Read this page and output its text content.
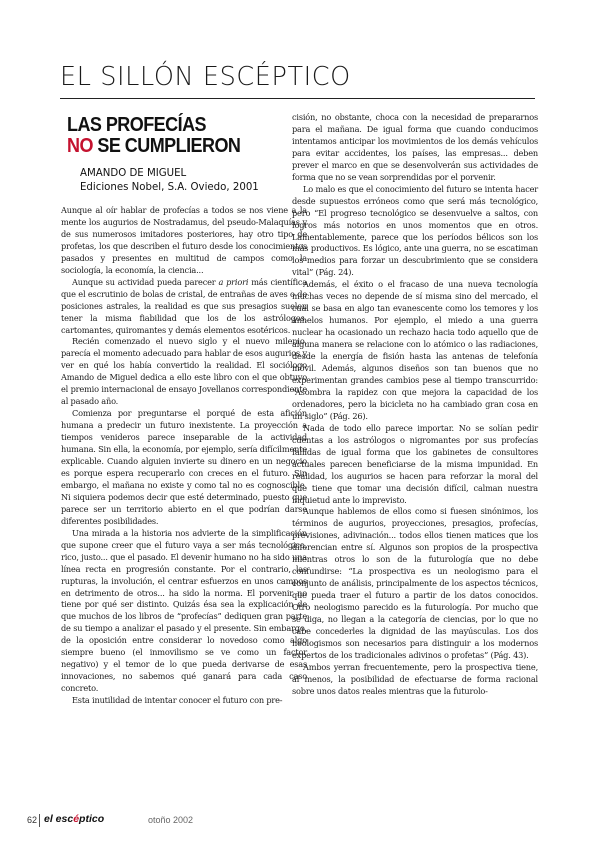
EL SILLÓN ESCÉPTICO
LAS PROFECÍAS
NO SE CUMPLIERON
AMANDO DE MIGUEL
Ediciones Nobel, S.A. Oviedo, 2001

Aunque al oír hablar de profecías a todos se nos viene a la mente los augurios de Nostradamus, del pseudo-Malaquías y de sus numerosos imitadores posteriores, hay otro tipo de profetas, los que describen el futuro desde los conocimientos pasados y presentes en multitud de campos como la sociología, la economía, la ciencia...

Aunque su actividad pueda parecer a priori más científica que el escrutinio de bolas de cristal, de entrañas de aves o de posiciones astrales, la realidad es que sus presagios suelen tener la misma fiabilidad que los de los astrólogos, cartomantes, quiromantes y demás elementos esotéricos.

Recién comenzado el nuevo siglo y el nuevo milenio, parecía el momento adecuado para hablar de esos augurios y ver en qué los había convertido la realidad. El sociólogo Amando de Miguel dedica a ello este libro con el que obtuvo el premio internacional de ensayo Jovellanos correspondiente al pasado año.

Comienza por preguntarse el porqué de esta afición humana a predecir un futuro inexistente. La proyección a tiempos venideros parece inseparable de la actividad humana. Sin ella, la economía, por ejemplo, sería difícilmente explicable. Cuando alguien invierte su dinero en un negocio es porque espera recuperarlo con creces en el futuro. Sin embargo, el mañana no existe y como tal no es cognoscible. Ni siquiera podemos decir que esté determinado, puesto que parece ser un territorio abierto en el que podrían darse diferentes posibilidades.

Una mirada a la historia nos advierte de la simplificación que supone creer que el futuro vaya a ser más tecnológico, rico, justo... que el pasado. El devenir humano no ha sido una línea recta en progresión constante. Por el contrario, las rupturas, la involución, el centrar esfuerzos en unos campos en detrimento de otros... ha sido la norma. El porvenir no tiene por qué ser distinto. Quizás ésa sea la explicación de que muchos de los libros de “profecías” dediquen gran parte de su tiempo a analizar el pasado y el presente. Sin embargo, de la oposición entre considerar lo novedoso como algo siempre bueno (el inmovilismo se ve como un factor negativo) y el temor de lo que pueda derivarse de esas innovaciones, no sabemos qué ganará para cada caso concreto.

Esta inutilidad de intentar conocer el futuro con pre-

cisión, no obstante, choca con la necesidad de prepararnos para el mañana. De igual forma que cuando conducimos intentamos anticipar los movimientos de los demás vehículos para evitar accidentes, los países, las empresas... deben prever el marco en que se desenvolverán sus actividades de forma que no se vean sorprendidas por el porvenir.

Lo malo es que el conocimiento del futuro se intenta hacer desde supuestos erróneos como que será más tecnológico, pero “El progreso tecnológico se desenvuelve a saltos, con logros más notorios en unos momentos que en otros. Lamentablemente, parece que los períodos bélicos son los más productivos. Es lógico, ante una guerra, no se escatiman los medios para forzar un descubrimiento que se considera vital” (Pág. 24).

Además, el éxito o el fracaso de una nueva tecnología muchas veces no depende de sí misma sino del mercado, el cual se basa en algo tan evanescente como los temores y los anhelos humanos. Por ejemplo, el miedo a una guerra nuclear ha ocasionado un rechazo hacia todo aquello que de alguna manera se relacione con lo atómico o las radiaciones, desde la energía de fisión hasta las antenas de telefonía móvil. Además, algunos diseños son tan buenos que no experimentan grandes cambios pese al tiempo transcurrido: “Asombra la rapidez con que mejora la capacidad de los ordenadores, pero la bicicleta no ha cambiado gran cosa en un siglo” (Pág. 26).

Nada de todo ello parece importar. No se solían pedir cuentas a los astrólogos o nigromantes por sus profecías fallidas de igual forma que los gabinetes de consultores actuales parecen beneficiarse de la misma impunidad. En realidad, los augurios se hacen para reforzar la moral del que tiene que tomar una decisión difícil, calman nuestra inquietud ante lo imprevisto.

Aunque hablemos de ellos como si fuesen sinónimos, los términos de augurios, proyecciones, presagios, profecías, previsiones, adivinación... todos ellos tienen matices que los diferencian entre sí. Algunos son propios de la prospectiva mientras otros lo son de la futurología que no debe confundirse: “La prospectiva es un neologismo para el conjunto de análisis, principalmente de los aspectos técnicos, que pueda traer el futuro a partir de los datos conocidos. Otro neologismo parecido es la futurología. Por mucho que se diga, no llegan a la categoría de ciencias, por lo que no cabe concederles la dignidad de las mayúsculas. Los dos neologismos son necesarios para distinguir a los modernos expertos de los tradicionales adivinos o profetas” (Pág. 43).

Ambos yerran frecuentemente, pero la prospectiva tiene, al menos, la posibilidad de efectuarse de forma racional sobre unos datos reales mientras que la futurolo-

62 el escéptico	otoño 2002
